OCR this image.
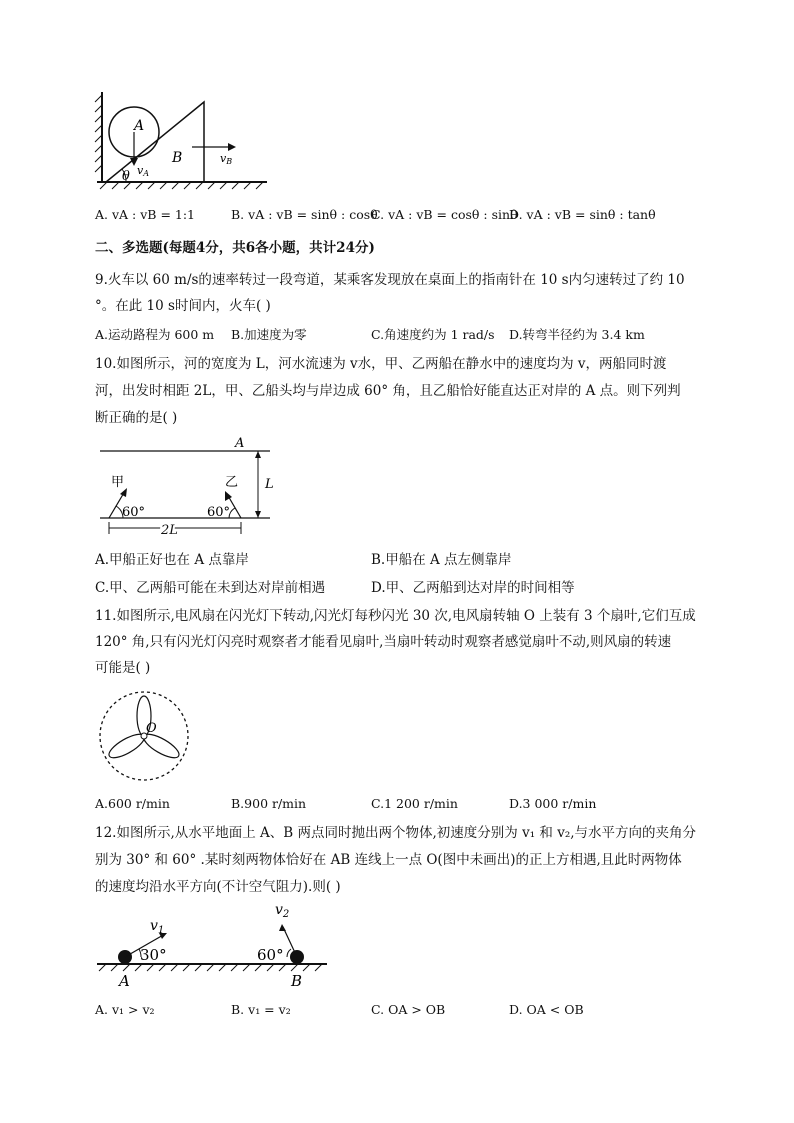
A
B
vA
vB
θ
A. vA : vB = 1:1	B. vA : vB = sinθ : cosθ
C. vA : vB = cosθ : sinθ
D. vA : vB = sinθ : tanθ
二、多选题(每题4分，共6各小题，共计24分)
9.火车以 60 m/s的速率转过一段弯道，某乘客发现放在桌面上的指南针在 10 s内匀速转过了约 10
°。在此 10 s时间内，火车( )
A.运动路程为 600 m B.加速度为零	C.角速度约为 1 rad/s D.转弯半径约为 3.4 km
10.如图所示，河的宽度为 L，河水流速为 v水，甲、乙两船在静水中的速度均为 v，两船同时渡
河，出发时相距 2L，甲、乙船头均与岸边成 60° 角，且乙船恰好能直达正对岸的 A 点。则下列判
断正确的是( )
A
甲	乙 L
60°	60°
2L
A.甲船正好也在 A 点靠岸	B.甲船在 A 点左侧靠岸
C.甲、乙两船可能在未到达对岸前相遇	D.甲、乙两船到达对岸的时间相等
11.如图所示,电风扇在闪光灯下转动,闪光灯每秒闪光 30 次,电风扇转轴 O 上装有 3 个扇叶,它们互成
120° 角,只有闪光灯闪亮时观察者才能看见扇叶,当扇叶转动时观察者感觉扇叶不动,则风扇的转速
可能是( )
O
A.600 r/min	B.900 r/min	C.1 200 r/min	D.3 000 r/min
12.如图所示,从水平地面上 A、B 两点同时抛出两个物体,初速度分别为 v₁ 和 v₂,与水平方向的夹角分
别为 30° 和 60° .某时刻两物体恰好在 AB 连线上一点 O(图中未画出)的正上方相遇,且此时两物体
的速度均沿水平方向(不计空气阻力).则( )
$v_1$
$v_2$
30°	60°
A	B
A. v₁ > v₂	B. v₁ = v₂	C. OA > OB	D. OA < OB
